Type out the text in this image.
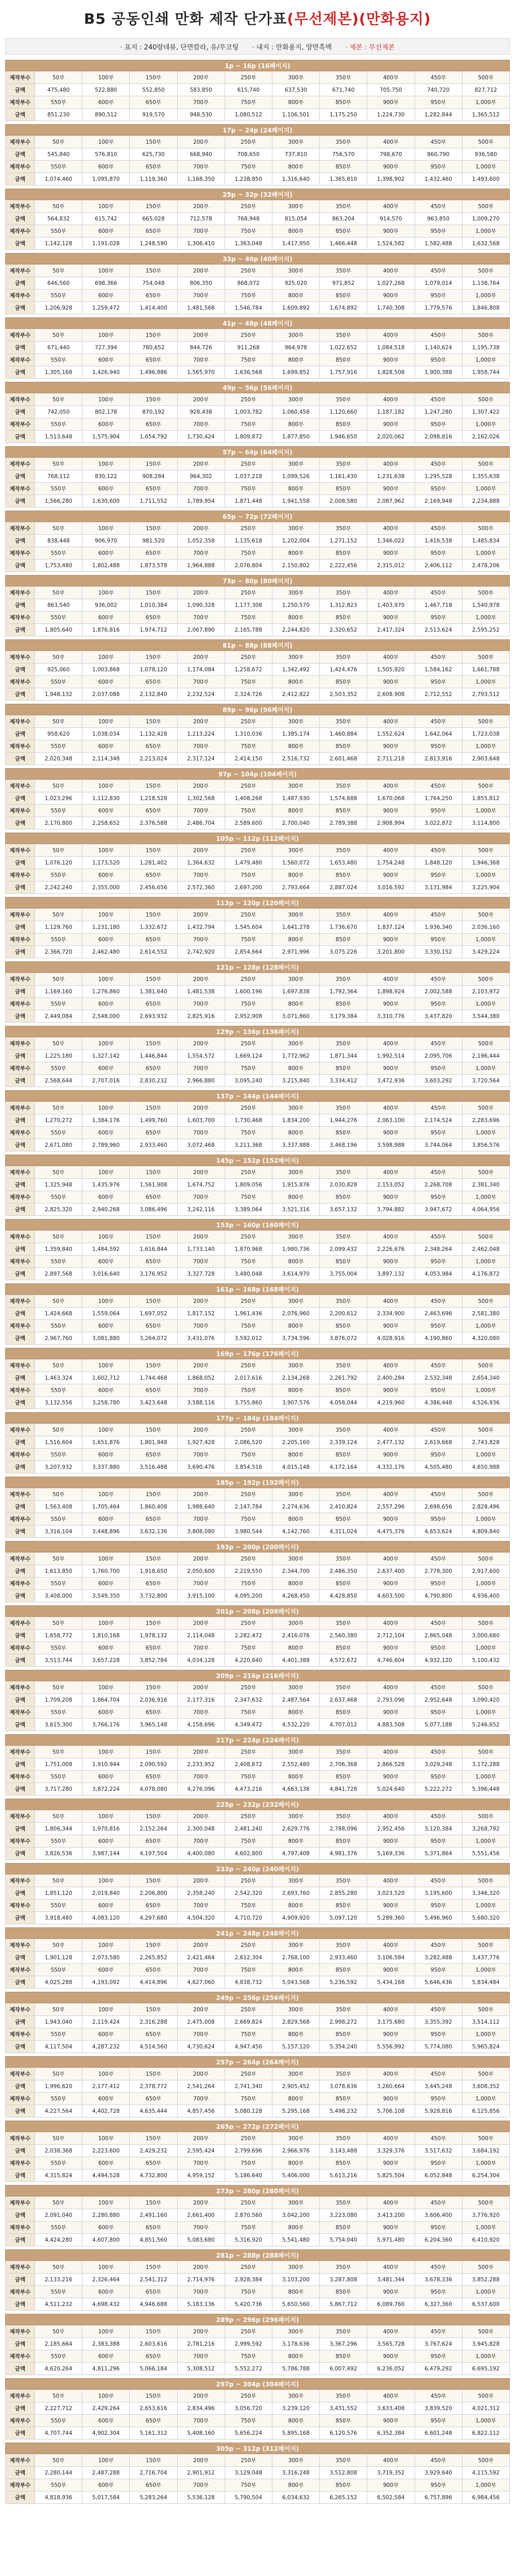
B5 공동인쇄 만화 제작 단가표(무선제본)(만화용지)
· 표지 : 240랑데뷰, 단면칼라, 유/무코팅 · 내지 : 만화용지, 양면흑백 · 제본 : 무선제본
1p ~ 16p (16페이지)
제작부수	50부	100부	150부	200부	250부	300부	350부	400부	450부	500부
금액	475,480	522,880	552,850	583,850	615,740	637,530	671,740	705,750	740,720	827,712
제작부수	550부	600부	650부	700부	750부	800부	850부	900부	950부	1,000부
금액	851,230	890,512	919,570	948,530	1,080,512	1,106,501	1,175,250	1,224,730	1,282,844	1,365,512
17p ~ 24p (24페이지)
제작부수	50부	100부	150부	200부	250부	300부	350부	400부	450부	500부
금액	545,840	576,810	625,730	668,940	708,650	737,810	756,570	798,670	860,790	936,580
제작부수	550부	600부	650부	700부	750부	800부	850부	900부	950부	1,000부
금액	1,074,460	1,095,870	1,119,360	1,168,350	1,238,850	1,316,640	1,365,810	1,398,902	1,432,460	1,493,600
25p ~ 32p (32페이지)
제작부수	50부	100부	150부	200부	250부	300부	350부	400부	450부	500부
금액	564,832	615,742	665,028	712,578	768,948	815,054	863,204	914,570	963,850	1,009,270
제작부수	550부	600부	650부	700부	750부	800부	850부	900부	950부	1,000부
금액	1,142,128	1,191,028	1,248,590	1,306,410	1,363,048	1,417,950	1,466,448	1,524,582	1,582,488	1,632,568
33p ~ 40p (40페이지)
제작부수	50부	100부	150부	200부	250부	300부	350부	400부	450부	500부
금액	646,560	698,366	754,048	806,350	868,072	925,020	971,852	1,027,268	1,079,014	1,138,764
제작부수	550부	600부	650부	700부	750부	800부	850부	900부	950부	1,000부
금액	1,206,928	1,259,472	1,414,400	1,481,568	1,546,784	1,609,892	1,674,892	1,740,308	1,779,576	1,846,808
41p ~ 48p (48페이지)
제작부수	50부	100부	150부	200부	250부	300부	350부	400부	450부	500부
금액	671,440	727,394	780,652	844,726	911,268	964,978	1,022,652	1,084,518	1,140,624	1,195,738
제작부수	550부	600부	650부	700부	750부	800부	850부	900부	950부	1,000부
금액	1,305,168	1,426,940	1,496,886	1,565,970	1,636,568	1,699,852	1,757,916	1,828,508	1,900,388	1,958,744
49p ~ 56p (56페이지)
제작부수	50부	100부	150부	200부	250부	300부	350부	400부	450부	500부
금액	742,050	802,178	870,192	928,438	1,003,782	1,060,458	1,120,660	1,187,182	1,247,280	1,307,422
제작부수	550부	600부	650부	700부	750부	800부	850부	900부	950부	1,000부
금액	1,513,648	1,575,904	1,654,792	1,730,424	1,809,872	1,877,850	1,946,650	2,020,062	2,098,816	2,162,026
57p ~ 64p (64페이지)
제작부수	50부	100부	150부	200부	250부	300부	350부	400부	450부	500부
금액	768,112	830,122	908,284	964,302	1,037,218	1,099,526	1,161,430	1,231,638	1,295,528	1,355,638
제작부수	550부	600부	650부	700부	750부	800부	850부	900부	950부	1,000부
금액	1,566,280	1,630,600	1,711,552	1,789,954	1,871,448	1,941,558	2,008,580	2,087,962	2,169,948	2,234,888
65p ~ 72p (72페이지)
제작부수	50부	100부	150부	200부	250부	300부	350부	400부	450부	500부
금액	838,448	906,970	981,520	1,052,358	1,135,618	1,202,004	1,271,152	1,346,022	1,416,538	1,485,834
제작부수	550부	600부	650부	700부	750부	800부	850부	900부	950부	1,000부
금액	1,753,480	1,802,488	1,873,578	1,964,888	2,076,804	2,150,802	2,222,456	2,315,012	2,406,112	2,478,206
73p ~ 80p (80페이지)
제작부수	50부	100부	150부	200부	250부	300부	350부	400부	450부	500부
금액	863,540	936,002	1,010,384	1,090,328	1,177,308	1,250,570	1,312,823	1,403,970	1,467,718	1,540,978
제작부수	550부	600부	650부	700부	750부	800부	850부	900부	950부	1,000부
금액	1,805,640	1,876,816	1,974,712	2,067,890	2,165,788	2,244,820	2,320,652	2,417,324	2,513,624	2,595,252
81p ~ 88p (88페이지)
제작부수	50부	100부	150부	200부	250부	300부	350부	400부	450부	500부
금액	925,060	1,003,868	1,078,120	1,174,084	1,258,672	1,342,492	1,424,476	1,505,920	1,584,162	1,661,788
제작부수	550부	600부	650부	700부	750부	800부	850부	900부	950부	1,000부
금액	1,948,132	2,037,088	2,132,840	2,232,524	2,324,726	2,412,822	2,503,352	2,608,908	2,712,552	2,793,512
89p ~ 96p (96페이지)
제작부수	50부	100부	150부	200부	250부	300부	350부	400부	450부	500부
금액	958,620	1,038,034	1,132,428	1,213,224	1,310,036	1,385,174	1,460,884	1,552,624	1,642,064	1,723,038
제작부수	550부	600부	650부	700부	750부	800부	850부	900부	950부	1,000부
금액	2,020,348	2,114,348	2,213,024	2,317,124	2,414,150	2,516,732	2,601,468	2,711,218	2,813,916	2,903,648
97p ~ 104p (104페이지)
제작부수	50부	100부	150부	200부	250부	300부	350부	400부	450부	500부
금액	1,023,296	1,112,830	1,218,528	1,302,568	1,408,268	1,487,930	1,574,688	1,670,068	1,764,250	1,855,812
제작부수	550부	600부	650부	700부	750부	800부	850부	900부	950부	1,000부
금액	2,170,800	2,258,652	2,376,588	2,486,704	2,589,600	2,700,040	2,789,388	2,908,994	3,022,872	3,114,800
105p ~ 112p (112페이지)
제작부수	50부	100부	150부	200부	250부	300부	350부	400부	450부	500부
금액	1,076,120	1,173,520	1,281,402	1,364,632	1,479,480	1,560,072	1,653,480	1,754,248	1,848,120	1,946,368
제작부수	550부	600부	650부	700부	750부	800부	850부	900부	950부	1,000부
금액	2,242,240	2,355,000	2,456,656	2,572,360	2,697,200	2,793,664	2,887,024	3,016,592	3,131,984	3,225,904
113p ~ 120p (120페이지)
제작부수	50부	100부	150부	200부	250부	300부	350부	400부	450부	500부
금액	1,129,760	1,231,180	1,332,672	1,432,794	1,545,604	1,641,278	1,736,670	1,837,124	1,936,340	2,036,160
제작부수	550부	600부	650부	700부	750부	800부	850부	900부	950부	1,000부
금액	2,366,720	2,462,480	2,614,552	2,742,920	2,854,664	2,971,996	3,075,226	3,201,800	3,330,152	3,429,224
121p ~ 128p (128페이지)
제작부수	50부	100부	150부	200부	250부	300부	350부	400부	450부	500부
금액	1,169,160	1,276,860	1,381,640	1,481,538	1,600,196	1,697,838	1,792,364	1,898,924	2,002,588	2,103,972
제작부수	550부	600부	650부	700부	750부	800부	850부	900부	950부	1,000부
금액	2,449,084	2,548,000	2,693,932	2,825,916	2,952,908	3,071,860	3,179,384	3,310,776	3,437,820	3,544,380
129p ~ 136p (136페이지)
제작부수	50부	100부	150부	200부	250부	300부	350부	400부	450부	500부
금액	1,225,180	1,327,142	1,446,844	1,554,572	1,669,124	1,772,962	1,871,344	1,992,514	2,095,706	2,196,444
제작부수	550부	600부	650부	700부	750부	800부	850부	900부	950부	1,000부
금액	2,568,644	2,707,016	2,830,232	2,966,880	3,095,240	3,215,840	3,334,412	3,472,936	3,603,292	3,720,564
137p ~ 144p (144페이지)
제작부수	50부	100부	150부	200부	250부	300부	350부	400부	450부	500부
금액	1,270,272	1,384,176	1,499,760	1,603,700	1,730,468	1,834,200	1,944,276	2,063,100	2,174,524	2,283,696
제작부수	550부	600부	650부	700부	750부	800부	850부	900부	950부	1,000부
금액	2,671,080	2,789,960	2,933,460	3,072,468	3,211,368	3,337,888	3,468,196	3,598,988	3,744,064	3,856,576
145p ~ 152p (152페이지)
제작부수	50부	100부	150부	200부	250부	300부	350부	400부	450부	500부
금액	1,325,948	1,435,976	1,561,908	1,674,752	1,809,056	1,915,876	2,030,828	2,153,052	2,268,708	2,381,340
제작부수	550부	600부	650부	700부	750부	800부	850부	900부	950부	1,000부
금액	2,825,320	2,940,268	3,086,496	3,242,116	3,389,064	3,521,316	3,657,132	3,794,882	3,947,672	4,064,956
153p ~ 160p (160페이지)
제작부수	50부	100부	150부	200부	250부	300부	350부	400부	450부	500부
금액	1,359,840	1,484,592	1,616,844	1,733,140	1,870,968	1,980,736	2,099,432	2,226,676	2,348,264	2,462,048
제작부수	550부	600부	650부	700부	750부	800부	850부	900부	950부	1,000부
금액	2,897,568	3,016,640	3,176,952	3,327,728	3,480,048	3,614,970	3,755,004	3,897,132	4,053,984	4,176,872
161p ~ 168p (168페이지)
제작부수	50부	100부	150부	200부	250부	300부	350부	400부	450부	500부
금액	1,424,668	1,559,064	1,697,052	1,817,152	1,961,436	2,076,960	2,200,612	2,334,900	2,463,696	2,581,380
제작부수	550부	600부	650부	700부	750부	800부	850부	900부	950부	1,000부
금액	2,967,760	3,081,880	3,264,072	3,431,076	3,592,012	3,734,596	3,876,072	4,028,916	4,190,860	4,320,080
169p ~ 176p (176페이지)
제작부수	50부	100부	150부	200부	250부	300부	350부	400부	450부	500부
금액	1,463,324	1,602,712	1,744,468	1,868,052	2,017,616	2,134,268	2,261,792	2,400,284	2,532,348	2,654,340
제작부수	550부	600부	650부	700부	750부	800부	850부	900부	950부	1,000부
금액	3,132,556	3,258,780	3,423,648	3,588,116	3,755,860	3,907,576	4,058,044	4,219,960	4,386,448	4,526,936
177p ~ 184p (184페이지)
제작부수	50부	100부	150부	200부	250부	300부	350부	400부	450부	500부
금액	1,516,604	1,651,876	1,801,948	1,927,428	2,086,520	2,205,160	2,339,124	2,477,132	2,619,668	2,743,828
제작부수	550부	600부	650부	700부	750부	800부	850부	900부	950부	1,000부
금액	3,207,932	3,337,880	3,516,488	3,690,476	3,854,516	4,015,148	4,172,164	4,332,176	4,505,480	4,650,988
185p ~ 192p (192페이지)
제작부수	50부	100부	150부	200부	250부	300부	350부	400부	450부	500부
금액	1,563,408	1,705,464	1,860,408	1,988,640	2,147,784	2,274,636	2,410,824	2,557,296	2,698,656	2,828,496
제작부수	550부	600부	650부	700부	750부	800부	850부	900부	950부	1,000부
금액	3,316,104	3,448,896	3,632,136	3,808,080	3,980,544	4,142,760	4,311,024	4,475,376	4,653,624	4,809,840
193p ~ 200p (200페이지)
제작부수	50부	100부	150부	200부	250부	300부	350부	400부	450부	500부
금액	1,613,850	1,760,700	1,918,650	2,050,600	2,219,550	2,344,700	2,486,350	2,637,400	2,778,300	2,917,600
제작부수	550부	600부	650부	700부	750부	800부	850부	900부	950부	1,000부
금액	3,408,000	3,549,350	3,732,800	3,915,100	4,095,200	4,268,450	4,428,850	4,603,500	4,790,800	4,936,400
201p ~ 208p (208페이지)
제작부수	50부	100부	150부	200부	250부	300부	350부	400부	450부	500부
금액	1,658,772	1,810,168	1,978,132	2,114,048	2,282,472	2,416,076	2,560,380	2,712,104	2,865,048	3,000,680
제작부수	550부	600부	650부	700부	750부	800부	850부	900부	950부	1,000부
금액	3,513,744	3,657,228	3,852,784	4,034,128	4,220,640	4,401,388	4,572,672	4,746,604	4,932,120	5,100,432
209p ~ 216p (216페이지)
제작부수	50부	100부	150부	200부	250부	300부	350부	400부	450부	500부
금액	1,709,208	1,864,704	2,036,916	2,177,316	2,347,632	2,487,564	2,637,468	2,793,096	2,952,648	3,090,420
제작부수	550부	600부	650부	700부	750부	800부	850부	900부	950부	1,000부
금액	3,615,300	3,766,176	3,965,148	4,158,696	4,349,472	4,532,220	4,707,012	4,883,508	5,077,188	5,246,652
217p ~ 224p (224페이지)
제작부수	50부	100부	150부	200부	250부	300부	350부	400부	450부	500부
금액	1,751,008	1,910,944	2,090,592	2,233,952	2,408,672	2,552,480	2,706,368	2,866,528	3,029,248	3,172,288
제작부수	550부	600부	650부	700부	750부	800부	850부	900부	950부	1,000부
금액	3,717,280	3,872,224	4,078,080	4,276,096	4,473,216	4,663,136	4,841,728	5,024,640	5,222,272	5,396,448
225p ~ 232p (232페이지)
제작부수	50부	100부	150부	200부	250부	300부	350부	400부	450부	500부
금액	1,806,344	1,970,816	2,152,264	2,300,048	2,481,240	2,629,776	2,788,096	2,952,456	3,120,384	3,268,792
제작부수	550부	600부	650부	700부	750부	800부	850부	900부	950부	1,000부
금액	3,826,536	3,987,144	4,197,504	4,400,080	4,602,800	4,797,408	4,981,376	5,169,336	5,371,864	5,551,456
233p ~ 240p (240페이지)
제작부수	50부	100부	150부	200부	250부	300부	350부	400부	450부	500부
금액	1,851,120	2,019,840	2,206,800	2,358,240	2,542,320	2,693,760	2,855,280	3,023,520	3,195,600	3,346,320
제작부수	550부	600부	650부	700부	750부	800부	850부	900부	950부	1,000부
금액	3,918,480	4,083,120	4,297,680	4,504,320	4,710,720	4,909,920	5,097,120	5,289,360	5,496,960	5,680,320
241p ~ 248p (248페이지)
제작부수	50부	100부	150부	200부	250부	300부	350부	400부	450부	500부
금액	1,901,128	2,073,580	2,265,852	2,421,464	2,612,304	2,768,100	2,933,460	3,106,584	3,282,488	3,437,776
제작부수	550부	600부	650부	700부	750부	800부	850부	900부	950부	1,000부
금액	4,025,288	4,193,092	4,414,896	4,627,060	4,838,732	5,043,568	5,236,592	5,434,168	5,646,436	5,834,484
249p ~ 256p (256페이지)
제작부수	50부	100부	150부	200부	250부	300부	350부	400부	450부	500부
금액	1,943,040	2,119,424	2,316,288	2,475,008	2,669,824	2,829,568	2,998,272	3,175,680	3,355,392	3,514,112
제작부수	550부	600부	650부	700부	750부	800부	850부	900부	950부	1,000부
금액	4,117,504	4,287,232	4,514,560	4,730,624	4,947,456	5,157,120	5,354,240	5,556,992	5,774,080	5,965,824
257p ~ 264p (264페이지)
제작부수	50부	100부	150부	200부	250부	300부	350부	400부	450부	500부
금액	1,996,620	2,177,412	2,378,772	2,541,264	2,741,340	2,905,452	3,078,636	3,260,664	3,445,248	3,608,352
제작부수	550부	600부	650부	700부	750부	800부	850부	900부	950부	1,000부
금액	4,227,564	4,402,728	4,635,444	4,857,456	5,080,128	5,295,168	5,498,232	5,706,108	5,928,816	6,125,856
265p ~ 272p (272페이지)
제작부수	50부	100부	150부	200부	250부	300부	350부	400부	450부	500부
금액	2,038,368	2,223,600	2,429,232	2,595,424	2,799,696	2,966,976	3,143,488	3,329,376	3,517,632	3,684,192
제작부수	550부	600부	650부	700부	750부	800부	850부	900부	950부	1,000부
금액	4,315,824	4,494,528	4,732,800	4,959,152	5,186,640	5,406,000	5,613,216	5,825,504	6,052,848	6,254,304
273p ~ 280p (280페이지)
제작부수	50부	100부	150부	200부	250부	300부	350부	400부	450부	500부
금액	2,091,040	2,280,880	2,491,160	2,661,400	2,870,560	3,042,200	3,223,080	3,413,200	3,606,400	3,776,920
제작부수	550부	600부	650부	700부	750부	800부	850부	900부	950부	1,000부
금액	4,424,280	4,607,800	4,851,560	5,083,680	5,316,920	5,541,480	5,754,040	5,971,480	6,204,360	6,410,920
281p ~ 288p (288페이지)
제작부수	50부	100부	150부	200부	250부	300부	350부	400부	450부	500부
금액	2,133,216	2,326,464	2,541,312	2,714,976	2,928,384	3,103,200	3,287,808	3,481,344	3,678,336	3,852,288
제작부수	550부	600부	650부	700부	750부	800부	850부	900부	950부	1,000부
금액	4,511,232	4,698,432	4,946,688	5,183,136	5,420,736	5,650,560	5,867,712	6,089,760	6,327,360	6,537,600
289p ~ 296p (296페이지)
제작부수	50부	100부	150부	200부	250부	300부	350부	400부	450부	500부
금액	2,185,664	2,383,388	2,603,616	2,781,216	2,999,592	3,178,636	3,367,296	3,565,728	3,767,624	3,945,828
제작부수	550부	600부	650부	700부	750부	800부	850부	900부	950부	1,000부
금액	4,620,264	4,811,296	5,066,184	5,308,512	5,552,272	5,786,788	6,007,492	6,236,052	6,479,292	6,695,192
297p ~ 304p (304페이지)
제작부수	50부	100부	150부	200부	250부	300부	350부	400부	450부	500부
금액	2,227,712	2,429,264	2,653,616	2,834,496	3,056,720	3,239,120	3,431,552	3,633,408	3,839,520	4,021,312
제작부수	550부	600부	650부	700부	750부	800부	850부	900부	950부	1,000부
금액	4,707,744	4,902,304	5,161,312	5,408,160	5,656,224	5,895,168	6,120,576	6,352,384	6,601,248	6,822,112
305p ~ 312p (312페이지)
제작부수	50부	100부	150부	200부	250부	300부	350부	400부	450부	500부
금액	2,280,144	2,487,288	2,716,704	2,901,912	3,129,048	3,316,248	3,512,808	3,719,352	3,929,640	4,115,592
제작부수	550부	600부	650부	700부	750부	800부	850부	900부	950부	1,000부
금액	4,818,936	5,017,584	5,283,264	5,536,128	5,790,504	6,034,632	6,265,152	6,502,584	6,757,896	6,984,456
